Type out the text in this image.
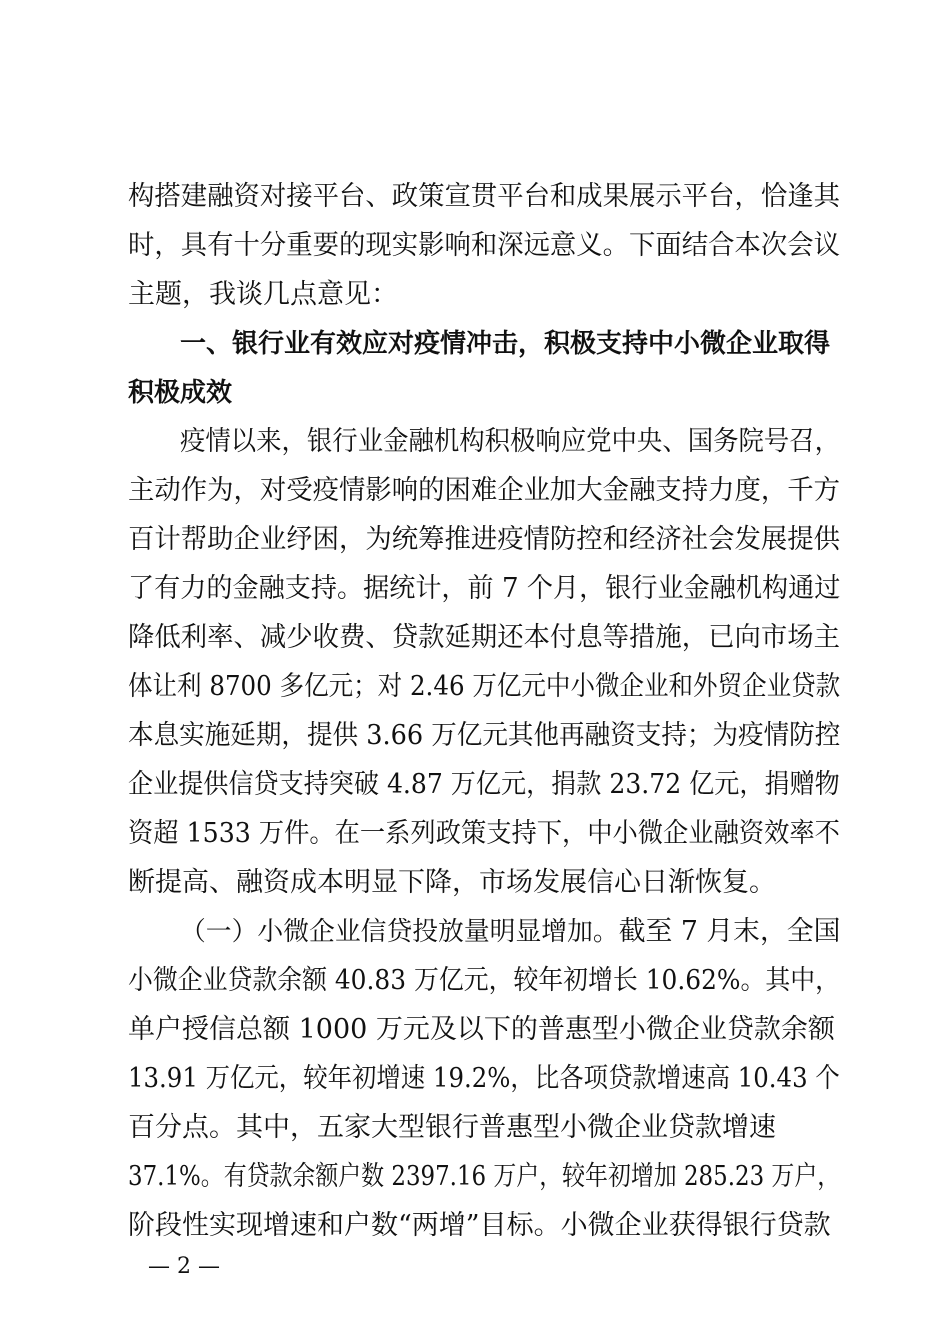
构搭建融资对接平台、政策宣贯平台和成果展示平台，恰逢其
时，具有十分重要的现实影响和深远意义。下面结合本次会议
主题，我谈几点意见：
一、银行业有效应对疫情冲击，积极支持中小微企业取得
积极成效
疫情以来，银行业金融机构积极响应党中央、国务院号召，
主动作为，对受疫情影响的困难企业加大金融支持力度，千方
百计帮助企业纾困，为统筹推进疫情防控和经济社会发展提供
了有力的金融支持。据统计，前 7 个月，银行业金融机构通过
降低利率、减少收费、贷款延期还本付息等措施，已向市场主
体让利 8700 多亿元；对 2.46 万亿元中小微企业和外贸企业贷款
本息实施延期，提供 3.66 万亿元其他再融资支持；为疫情防控
企业提供信贷支持突破 4.87 万亿元，捐款 23.72 亿元，捐赠物
资超 1533 万件。在一系列政策支持下，中小微企业融资效率不
断提高、融资成本明显下降，市场发展信心日渐恢复。
（一）小微企业信贷投放量明显增加。截至 7 月末，全国
小微企业贷款余额 40.83 万亿元，较年初增长 10.62%。其中，
单户授信总额 1000 万元及以下的普惠型小微企业贷款余额
13.91 万亿元，较年初增速 19.2%，比各项贷款增速高 10.43 个
百分点。其中，五家大型银行普惠型小微企业贷款增速
37.1%。有贷款余额户数 2397.16 万户，较年初增加 285.23 万户，
阶段性实现增速和户数“两增”目标。小微企业获得银行贷款
— 2 —
